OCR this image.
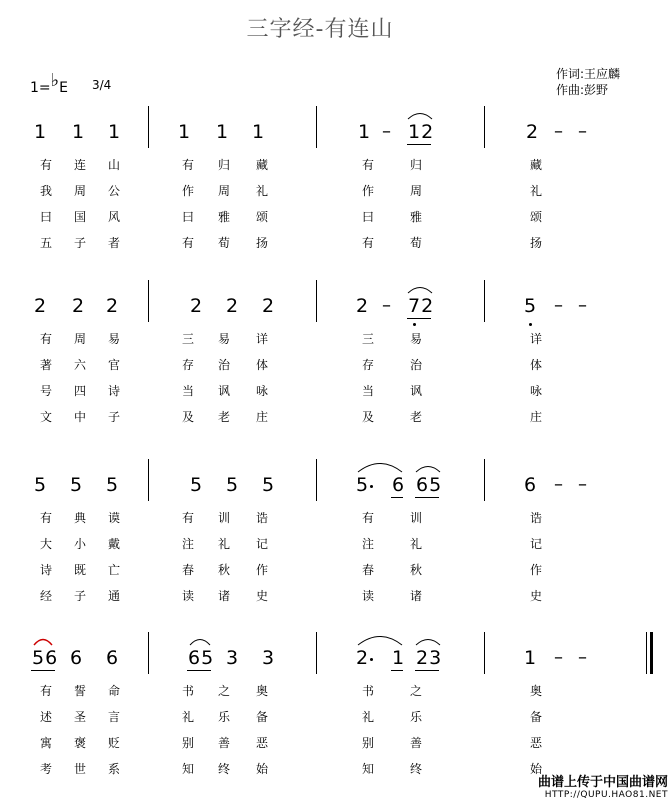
三字经-有连山
1=♭E 3/4
作词:王应麟
作曲:彭野
1 1 1	1 1 1	1 – 12	2 – –
有 连 山	有 归 藏	有	归	藏
我 周 公	作 周 礼	作	周	礼
曰 国 风	曰 雅 颂	曰	雅	颂
五 子 者	有 荀 扬	有	荀	扬
2 2 2	2 2 2	2 – 72	5 – –
有 周 易	三 易 详	三	易	详
著 六 官	存 治 体	存	治	体
号 四 诗	当 讽 咏	当	讽	咏
文 中 子	及 老 庄	及	老	庄
5 5 5	5 5 5	5 6 65	6 – –
有 典 谟	有 训 诰	有	训	诰
大 小 戴	注 礼 记	注	礼	记
诗 既 亡	春 秋 作	春	秋	作
经 子 通	读 诸 史	读	诸	史
56 6 6	65 3 3	2 1 23	1 – –
有 誓 命	书 之 奥	书	之	奥
述 圣 言	礼 乐 备	礼	乐	备
寓 褒 贬	别 善 恶	别	善	恶
考 世 系	知 终 始	知	终	始
曲谱上传于中国曲谱网
HTTP://QUPU.HAO81.NET
